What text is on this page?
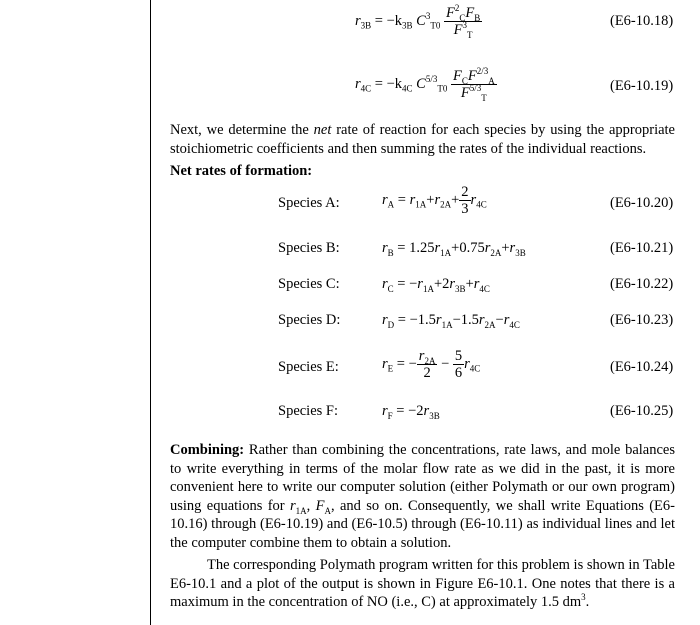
$r_{3B} = -k_{3B}$ $C^3_{T0} \frac{F^2_CF_B}{F^3_T}$	(E6-10.18)
$r_{4C} = -k_{4C}$ $C^{5/3}_{T0} \frac{F_CF^{2/3}_A}{F^{5/3}_T}$	(E6-10.19)
Next, we determine the net rate of reaction for each species by using the appropriate stoichiometric coefficients and then summing the rates of the individual reactions.
Net rates of formation:
Species A:	$r_A = r_{1A}+r_{2A}+ \frac{2}{3} r_{4C}$	(E6-10.20)
Species B:	$r_B = 1.25r_{1A}+0.75r_{2A}+r_{3B}$	(E6-10.21)
Species C:	$r_C = -r_{1A}+2r_{3B}+r_{4C}$	(E6-10.22)
Species D:	$r_D = -1.5r_{1A}-1.5r_{2A}-r_{4C}$	(E6-10.23)
Species E:	$r_E$ = − $\frac{r_{2A}}{2} - \frac{5}{6} r_{4C}$	(E6-10.24)
Species F:	$r_F = -2r_{3B}$	(E6-10.25)
Combining: Rather than combining the concentrations, rate laws, and mole balances to write everything in terms of the molar flow rate as we did in the past, it is more convenient here to write our computer solution (either Polymath or our own program) using equations for $r_{1A}$, $F_A$, and so on. Consequently, we shall write Equations (E6-10.16) through (E6-10.19) and (E6-10.5) through (E6-10.11) as individual lines and let the computer combine them to obtain a solution.
The corresponding Polymath program written for this problem is shown in Table E6-10.1 and a plot of the output is shown in Figure E6-10.1. One notes that there is a maximum in the concentration of NO (i.e., C) at approximately 1.5 $dm^3$.
